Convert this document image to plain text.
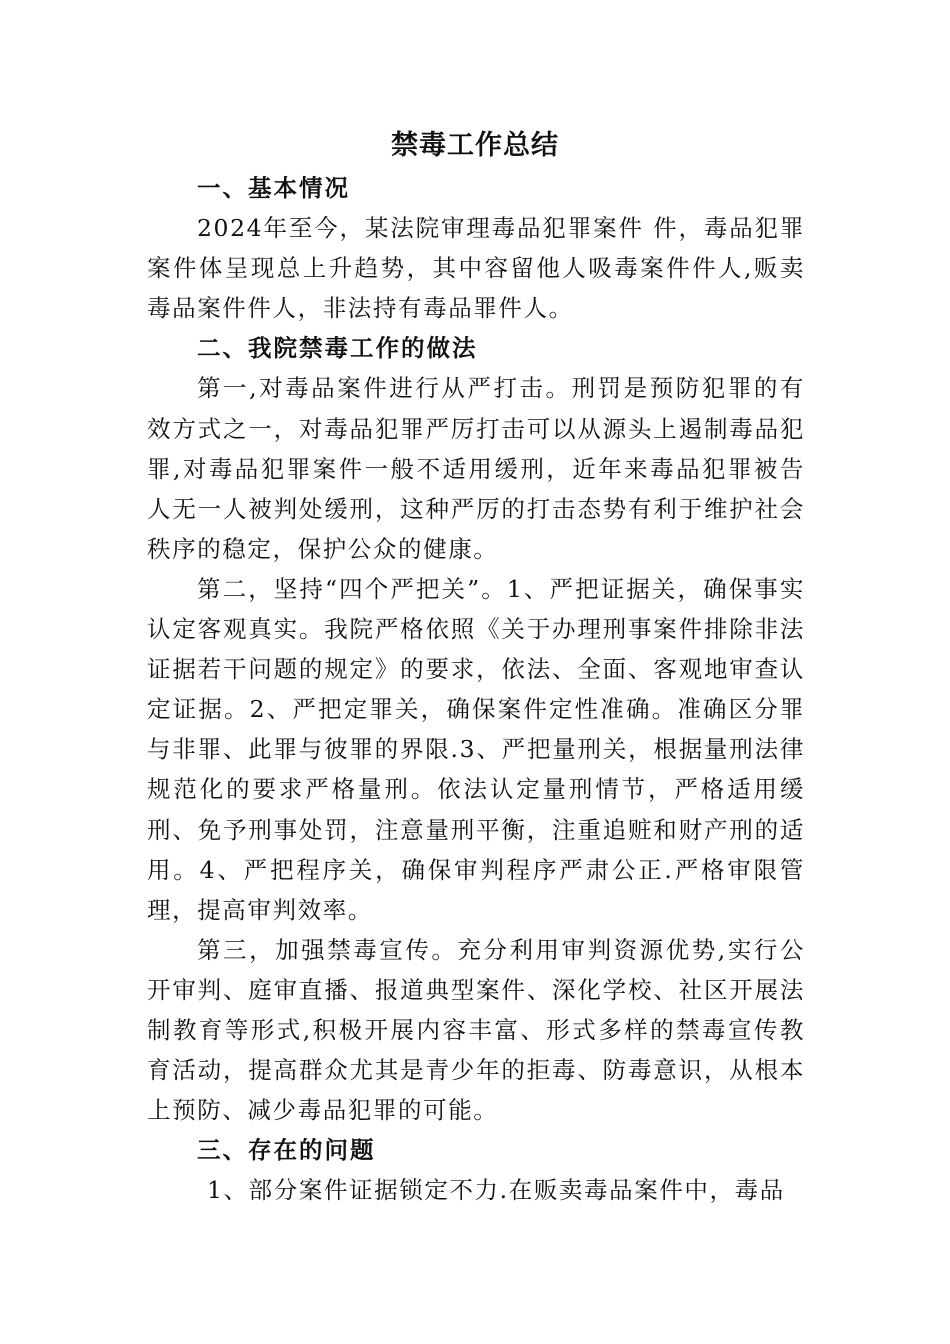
禁毒工作总结
一、基本情况

2024年至今，某法院审理毒品犯罪案件 件，毒品犯罪案件体呈现总上升趋势，其中容留他人吸毒案件件人,贩卖毒品案件件人，非法持有毒品罪件人。

二、我院禁毒工作的做法

第一,对毒品案件进行从严打击。刑罚是预防犯罪的有效方式之一，对毒品犯罪严厉打击可以从源头上遏制毒品犯罪,对毒品犯罪案件一般不适用缓刑，近年来毒品犯罪被告人无一人被判处缓刑，这种严厉的打击态势有利于维护社会秩序的稳定，保护公众的健康。

第二，坚持“四个严把关”。1、严把证据关，确保事实认定客观真实。我院严格依照《关于办理刑事案件排除非法证据若干问题的规定》的要求，依法、全面、客观地审查认定证据。2、严把定罪关，确保案件定性准确。准确区分罪与非罪、此罪与彼罪的界限.3、严把量刑关，根据量刑法律规范化的要求严格量刑。依法认定量刑情节，严格适用缓刑、免予刑事处罚，注意量刑平衡，注重追赃和财产刑的适用。4、严把程序关，确保审判程序严肃公正.严格审限管理，提高审判效率。

第三，加强禁毒宣传。充分利用审判资源优势,实行公开审判、庭审直播、报道典型案件、深化学校、社区开展法制教育等形式,积极开展内容丰富、形式多样的禁毒宣传教育活动，提高群众尤其是青少年的拒毒、防毒意识，从根本上预防、减少毒品犯罪的可能。

三、存在的问题

1、部分案件证据锁定不力.在贩卖毒品案件中，毒品
